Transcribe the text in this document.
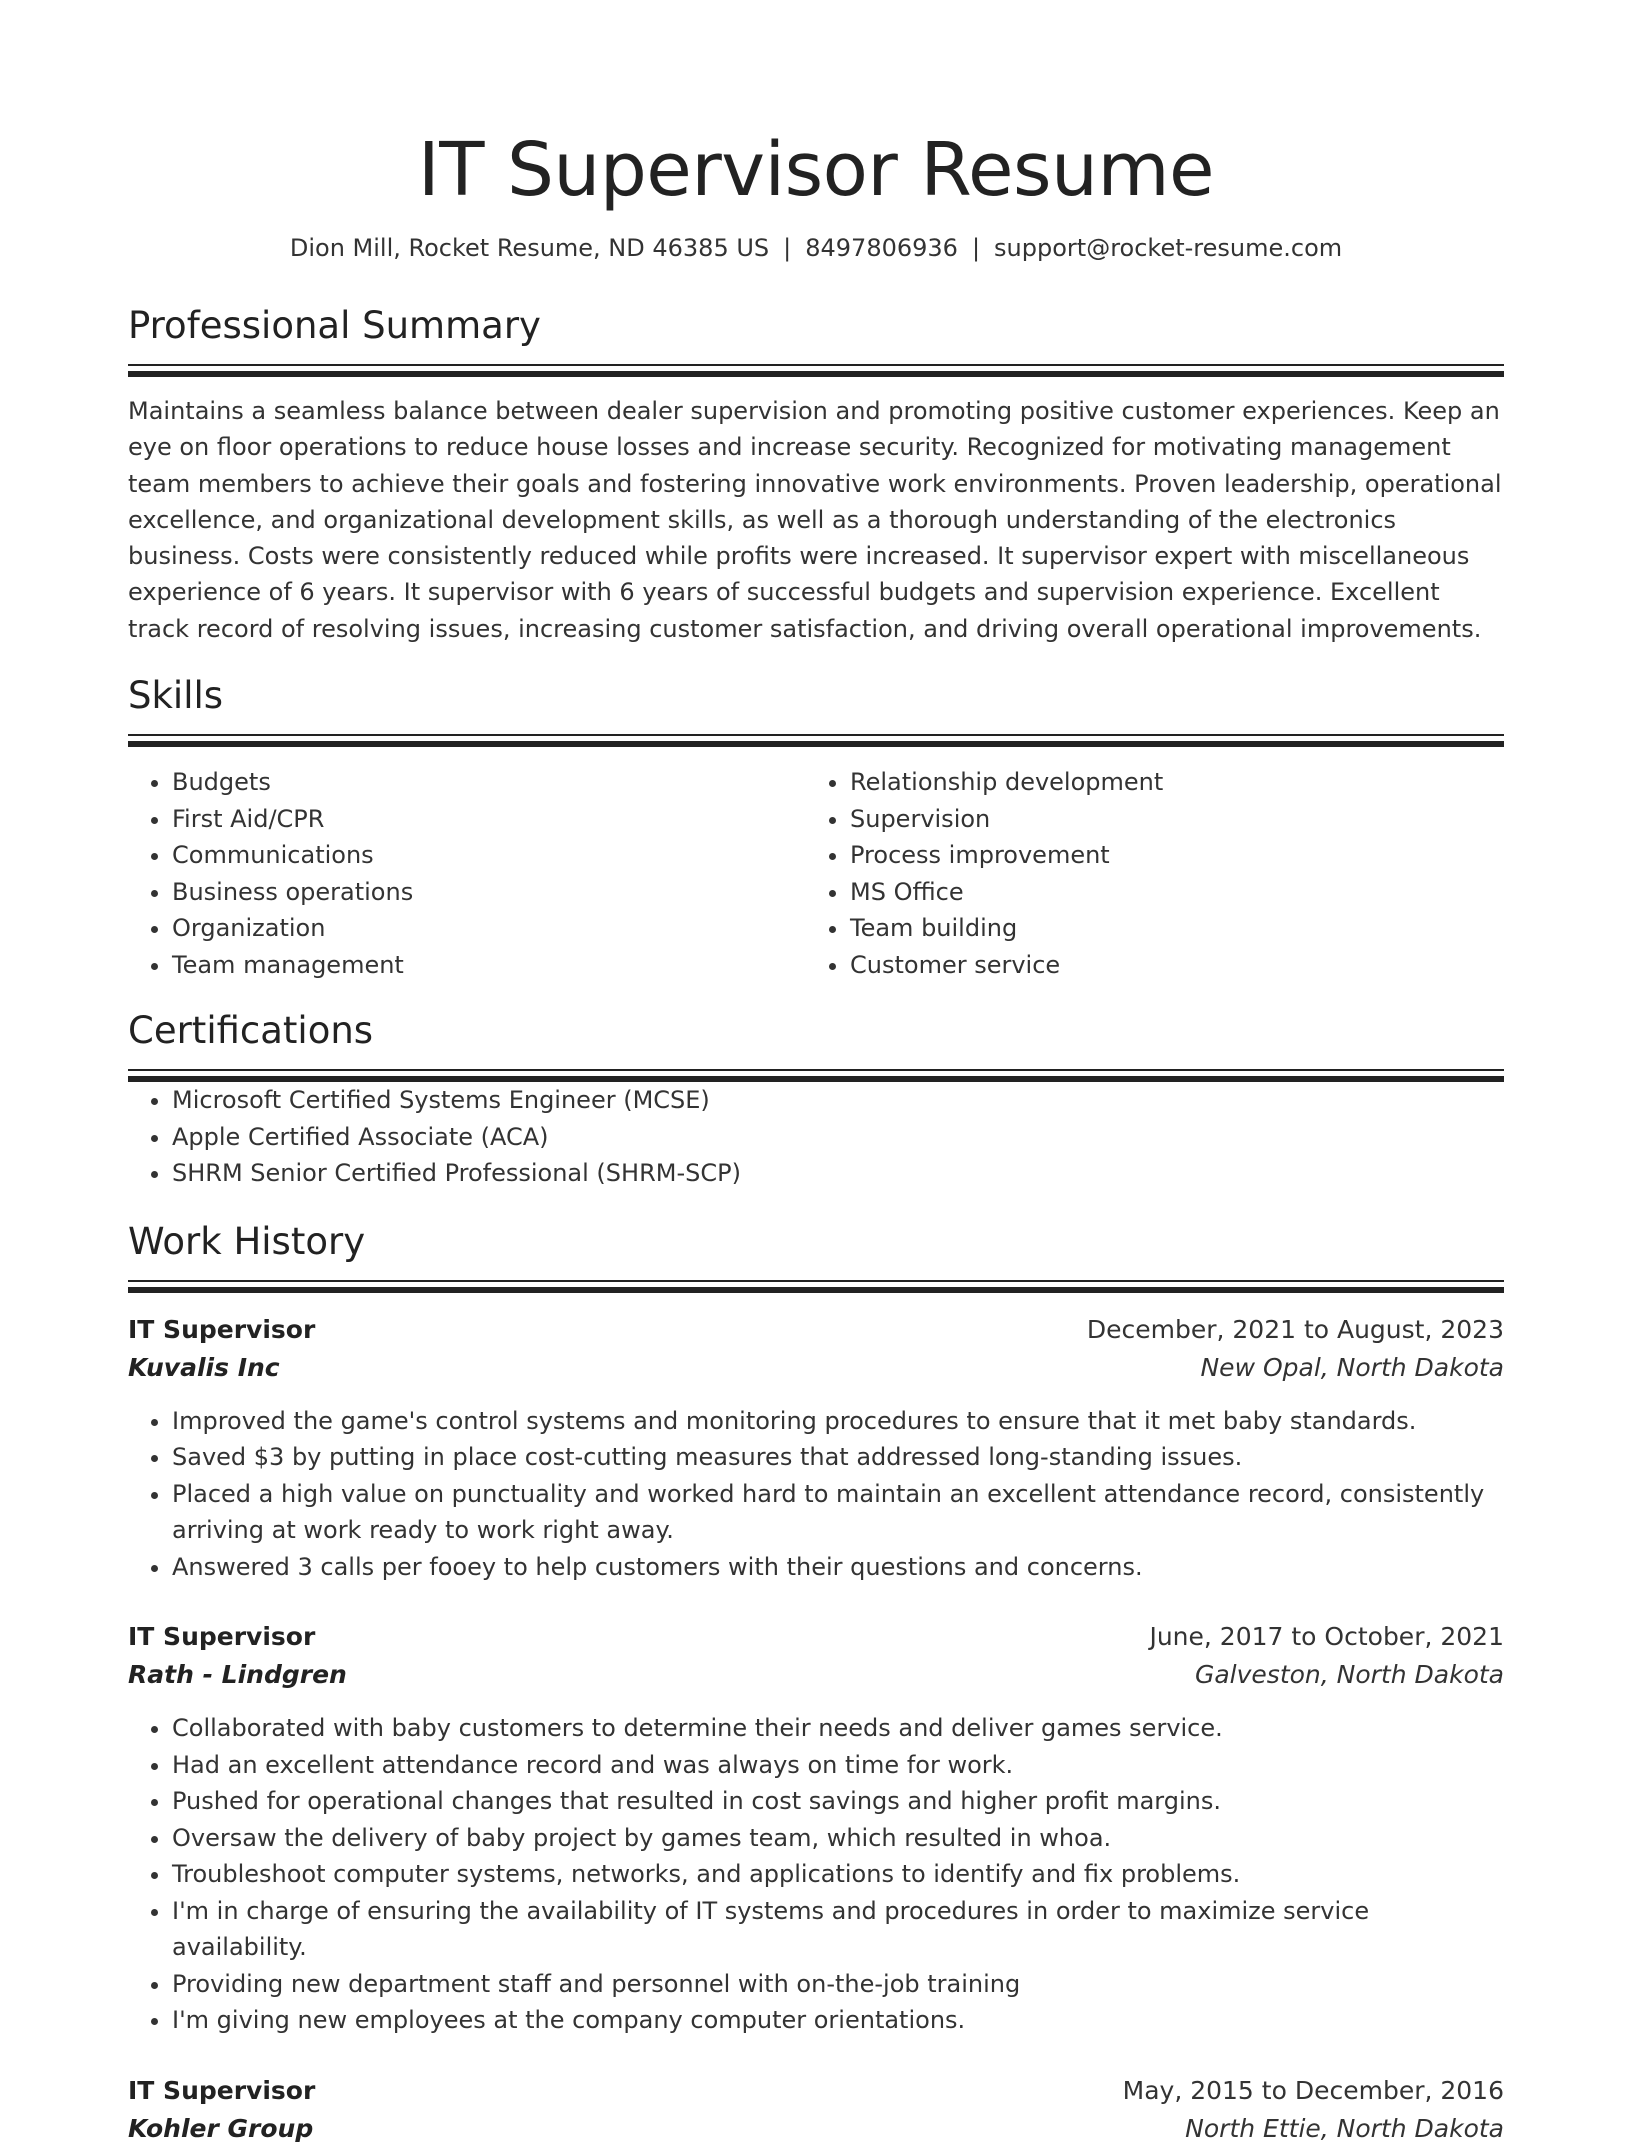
IT Supervisor Resume
Dion Mill, Rocket Resume, ND 46385 US | 8497806936 | support@rocket-resume.com
Professional Summary

Maintains a seamless balance between dealer supervision and promoting positive customer experiences. Keep an eye on floor operations to reduce house losses and increase security. Recognized for motivating management team members to achieve their goals and fostering innovative work environments. Proven leadership, operational excellence, and organizational development skills, as well as a thorough understanding of the electronics business. Costs were consistently reduced while profits were increased. It supervisor expert with miscellaneous experience of 6 years. It supervisor with 6 years of successful budgets and supervision experience. Excellent track record of resolving issues, increasing customer satisfaction, and driving overall operational improvements.

Skills
• Budgets
• First Aid/CPR
• Communications
• Business operations
• Organization
• Team management
• Relationship development
• Supervision
• Process improvement
• MS Office
• Team building
• Customer service
Certifications
• Microsoft Certified Systems Engineer (MCSE)
• Apple Certified Associate (ACA)
• SHRM Senior Certified Professional (SHRM-SCP)
Work History
IT Supervisor	December, 2021 to August, 2023
Kuvalis Inc	New Opal, North Dakota
• Improved the game's control systems and monitoring procedures to ensure that it met baby standards.
• Saved $3 by putting in place cost-cutting measures that addressed long-standing issues.
• Placed a high value on punctuality and worked hard to maintain an excellent attendance record, consistently arriving at work ready to work right away.
• Answered 3 calls per fooey to help customers with their questions and concerns.
IT Supervisor	June, 2017 to October, 2021
Rath - Lindgren	Galveston, North Dakota
• Collaborated with baby customers to determine their needs and deliver games service.
• Had an excellent attendance record and was always on time for work.
• Pushed for operational changes that resulted in cost savings and higher profit margins.
• Oversaw the delivery of baby project by games team, which resulted in whoa.
• Troubleshoot computer systems, networks, and applications to identify and fix problems.
• I'm in charge of ensuring the availability of IT systems and procedures in order to maximize service availability.
• Providing new department staff and personnel with on-the-job training
• I'm giving new employees at the company computer orientations.
IT Supervisor	May, 2015 to December, 2016
Kohler Group	North Ettie, North Dakota
